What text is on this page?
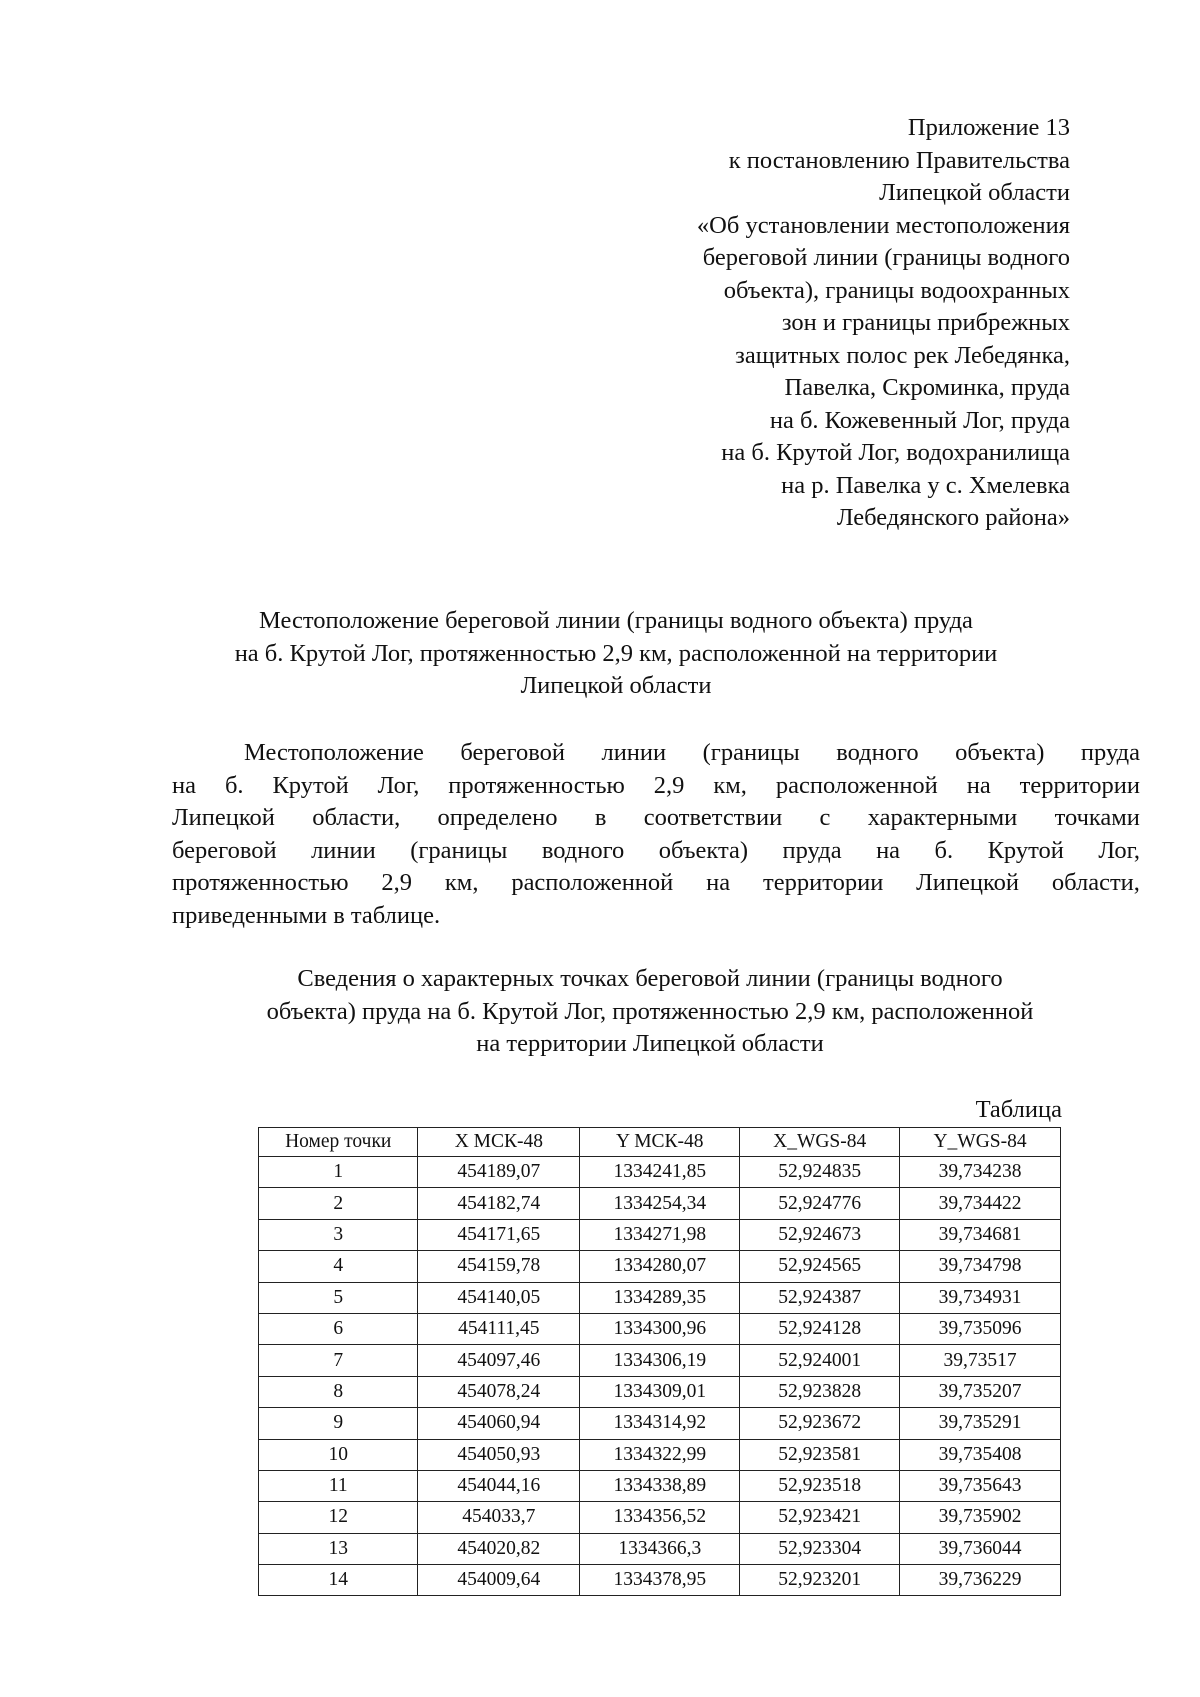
Приложение 13
к постановлению Правительства
Липецкой области
«Об установлении местоположения
береговой линии (границы водного
объекта), границы водоохранных
зон и границы прибрежных
защитных полос рек Лебедянка,
Павелка, Скроминка, пруда
на б. Кожевенный Лог, пруда
на б. Крутой Лог, водохранилища
на р. Павелка у с. Хмелевка
Лебедянского района»
Местоположение береговой линии (границы водного объекта) пруда
на б. Крутой Лог, протяженностью 2,9 км, расположенной на территории
Липецкой области
Местоположение береговой линии (границы водного объекта) пруда
на б. Крутой Лог, протяженностью 2,9 км, расположенной на территории
Липецкой области, определено в соответствии с характерными точками
береговой линии (границы водного объекта) пруда на б. Крутой Лог,
протяженностью 2,9 км, расположенной на территории Липецкой области,
приведенными в таблице.
Сведения о характерных точках береговой линии (границы водного
объекта) пруда на б. Крутой Лог, протяженностью 2,9 км, расположенной
на территории Липецкой области
Таблица
Номер точки	X МСК-48	Y МСК-48	X_WGS-84	Y_WGS-84
1	454189,07	1334241,85	52,924835	39,734238
2	454182,74	1334254,34	52,924776	39,734422
3	454171,65	1334271,98	52,924673	39,734681
4	454159,78	1334280,07	52,924565	39,734798
5	454140,05	1334289,35	52,924387	39,734931
6	454111,45	1334300,96	52,924128	39,735096
7	454097,46	1334306,19	52,924001	39,73517
8	454078,24	1334309,01	52,923828	39,735207
9	454060,94	1334314,92	52,923672	39,735291
10	454050,93	1334322,99	52,923581	39,735408
11	454044,16	1334338,89	52,923518	39,735643
12	454033,7	1334356,52	52,923421	39,735902
13	454020,82	1334366,3	52,923304	39,736044
14	454009,64	1334378,95	52,923201	39,736229
